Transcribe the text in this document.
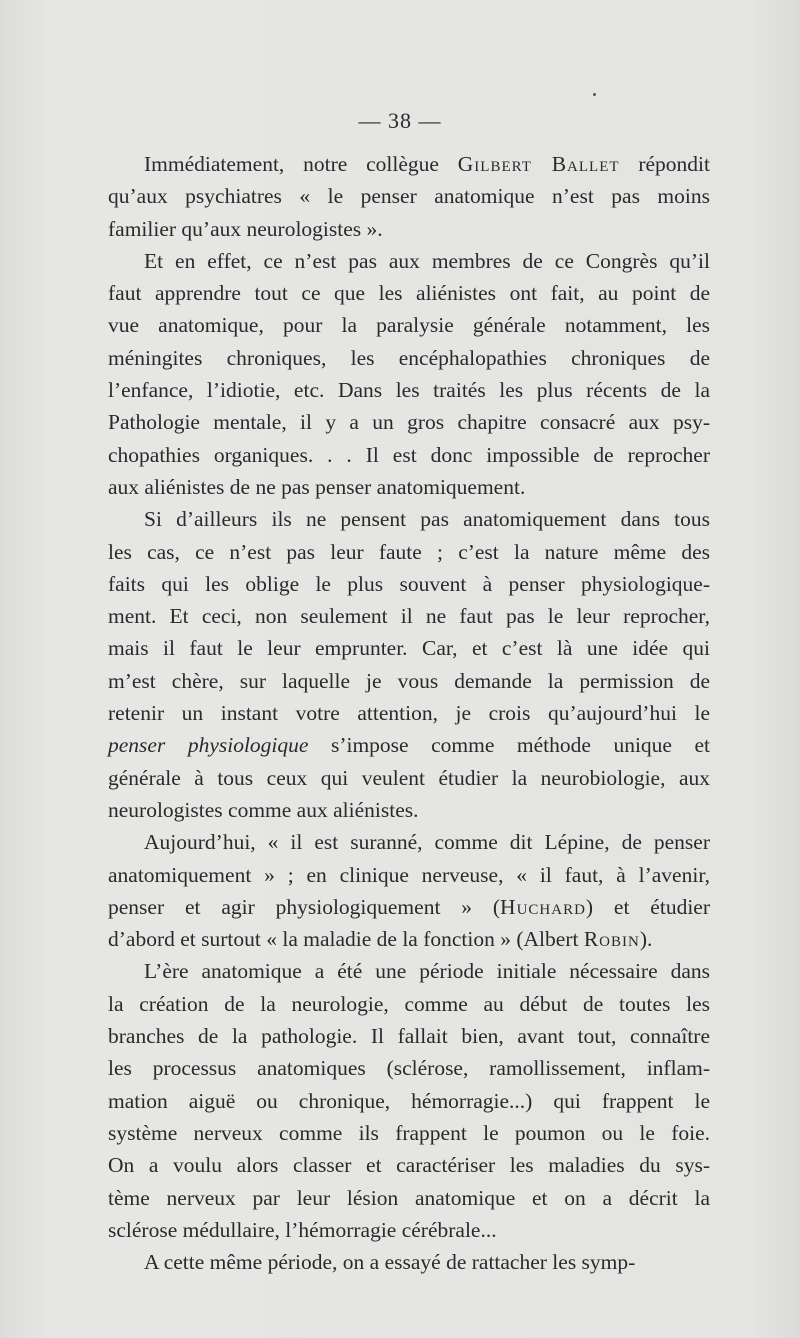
— 38 —
Immédiatement, notre collègue Gilbert Ballet répondit
qu’aux psychiatres « le penser anatomique n’est pas moins
familier qu’aux neurologistes ».
Et en effet, ce n’est pas aux membres de ce Congrès qu’il
faut apprendre tout ce que les aliénistes ont fait, au point de
vue anatomique, pour la paralysie générale notamment, les
méningites chroniques, les encéphalopathies chroniques de
l’enfance, l’idiotie, etc. Dans les traités les plus récents de la
Pathologie mentale, il y a un gros chapitre consacré aux psy-
chopathies organiques. . . Il est donc impossible de reprocher
aux aliénistes de ne pas penser anatomiquement.
Si d’ailleurs ils ne pensent pas anatomiquement dans tous
les cas, ce n’est pas leur faute ; c’est la nature même des
faits qui les oblige le plus souvent à penser physiologique-
ment. Et ceci, non seulement il ne faut pas le leur reprocher,
mais il faut le leur emprunter. Car, et c’est là une idée qui
m’est chère, sur laquelle je vous demande la permission de
retenir un instant votre attention, je crois qu’aujourd’hui le
penser physiologique s’impose comme méthode unique et
générale à tous ceux qui veulent étudier la neurobiologie, aux
neurologistes comme aux aliénistes.
Aujourd’hui, « il est suranné, comme dit Lépine, de penser
anatomiquement » ; en clinique nerveuse, « il faut, à l’avenir,
penser et agir physiologiquement » (Huchard) et étudier
d’abord et surtout « la maladie de la fonction » (Albert Robin).
L’ère anatomique a été une période initiale nécessaire dans
la création de la neurologie, comme au début de toutes les
branches de la pathologie. Il fallait bien, avant tout, connaître
les processus anatomiques (sclérose, ramollissement, inflam-
mation aiguë ou chronique, hémorragie...) qui frappent le
système nerveux comme ils frappent le poumon ou le foie.
On a voulu alors classer et caractériser les maladies du sys-
tème nerveux par leur lésion anatomique et on a décrit la
sclérose médullaire, l’hémorragie cérébrale...
A cette même période, on a essayé de rattacher les symp-
